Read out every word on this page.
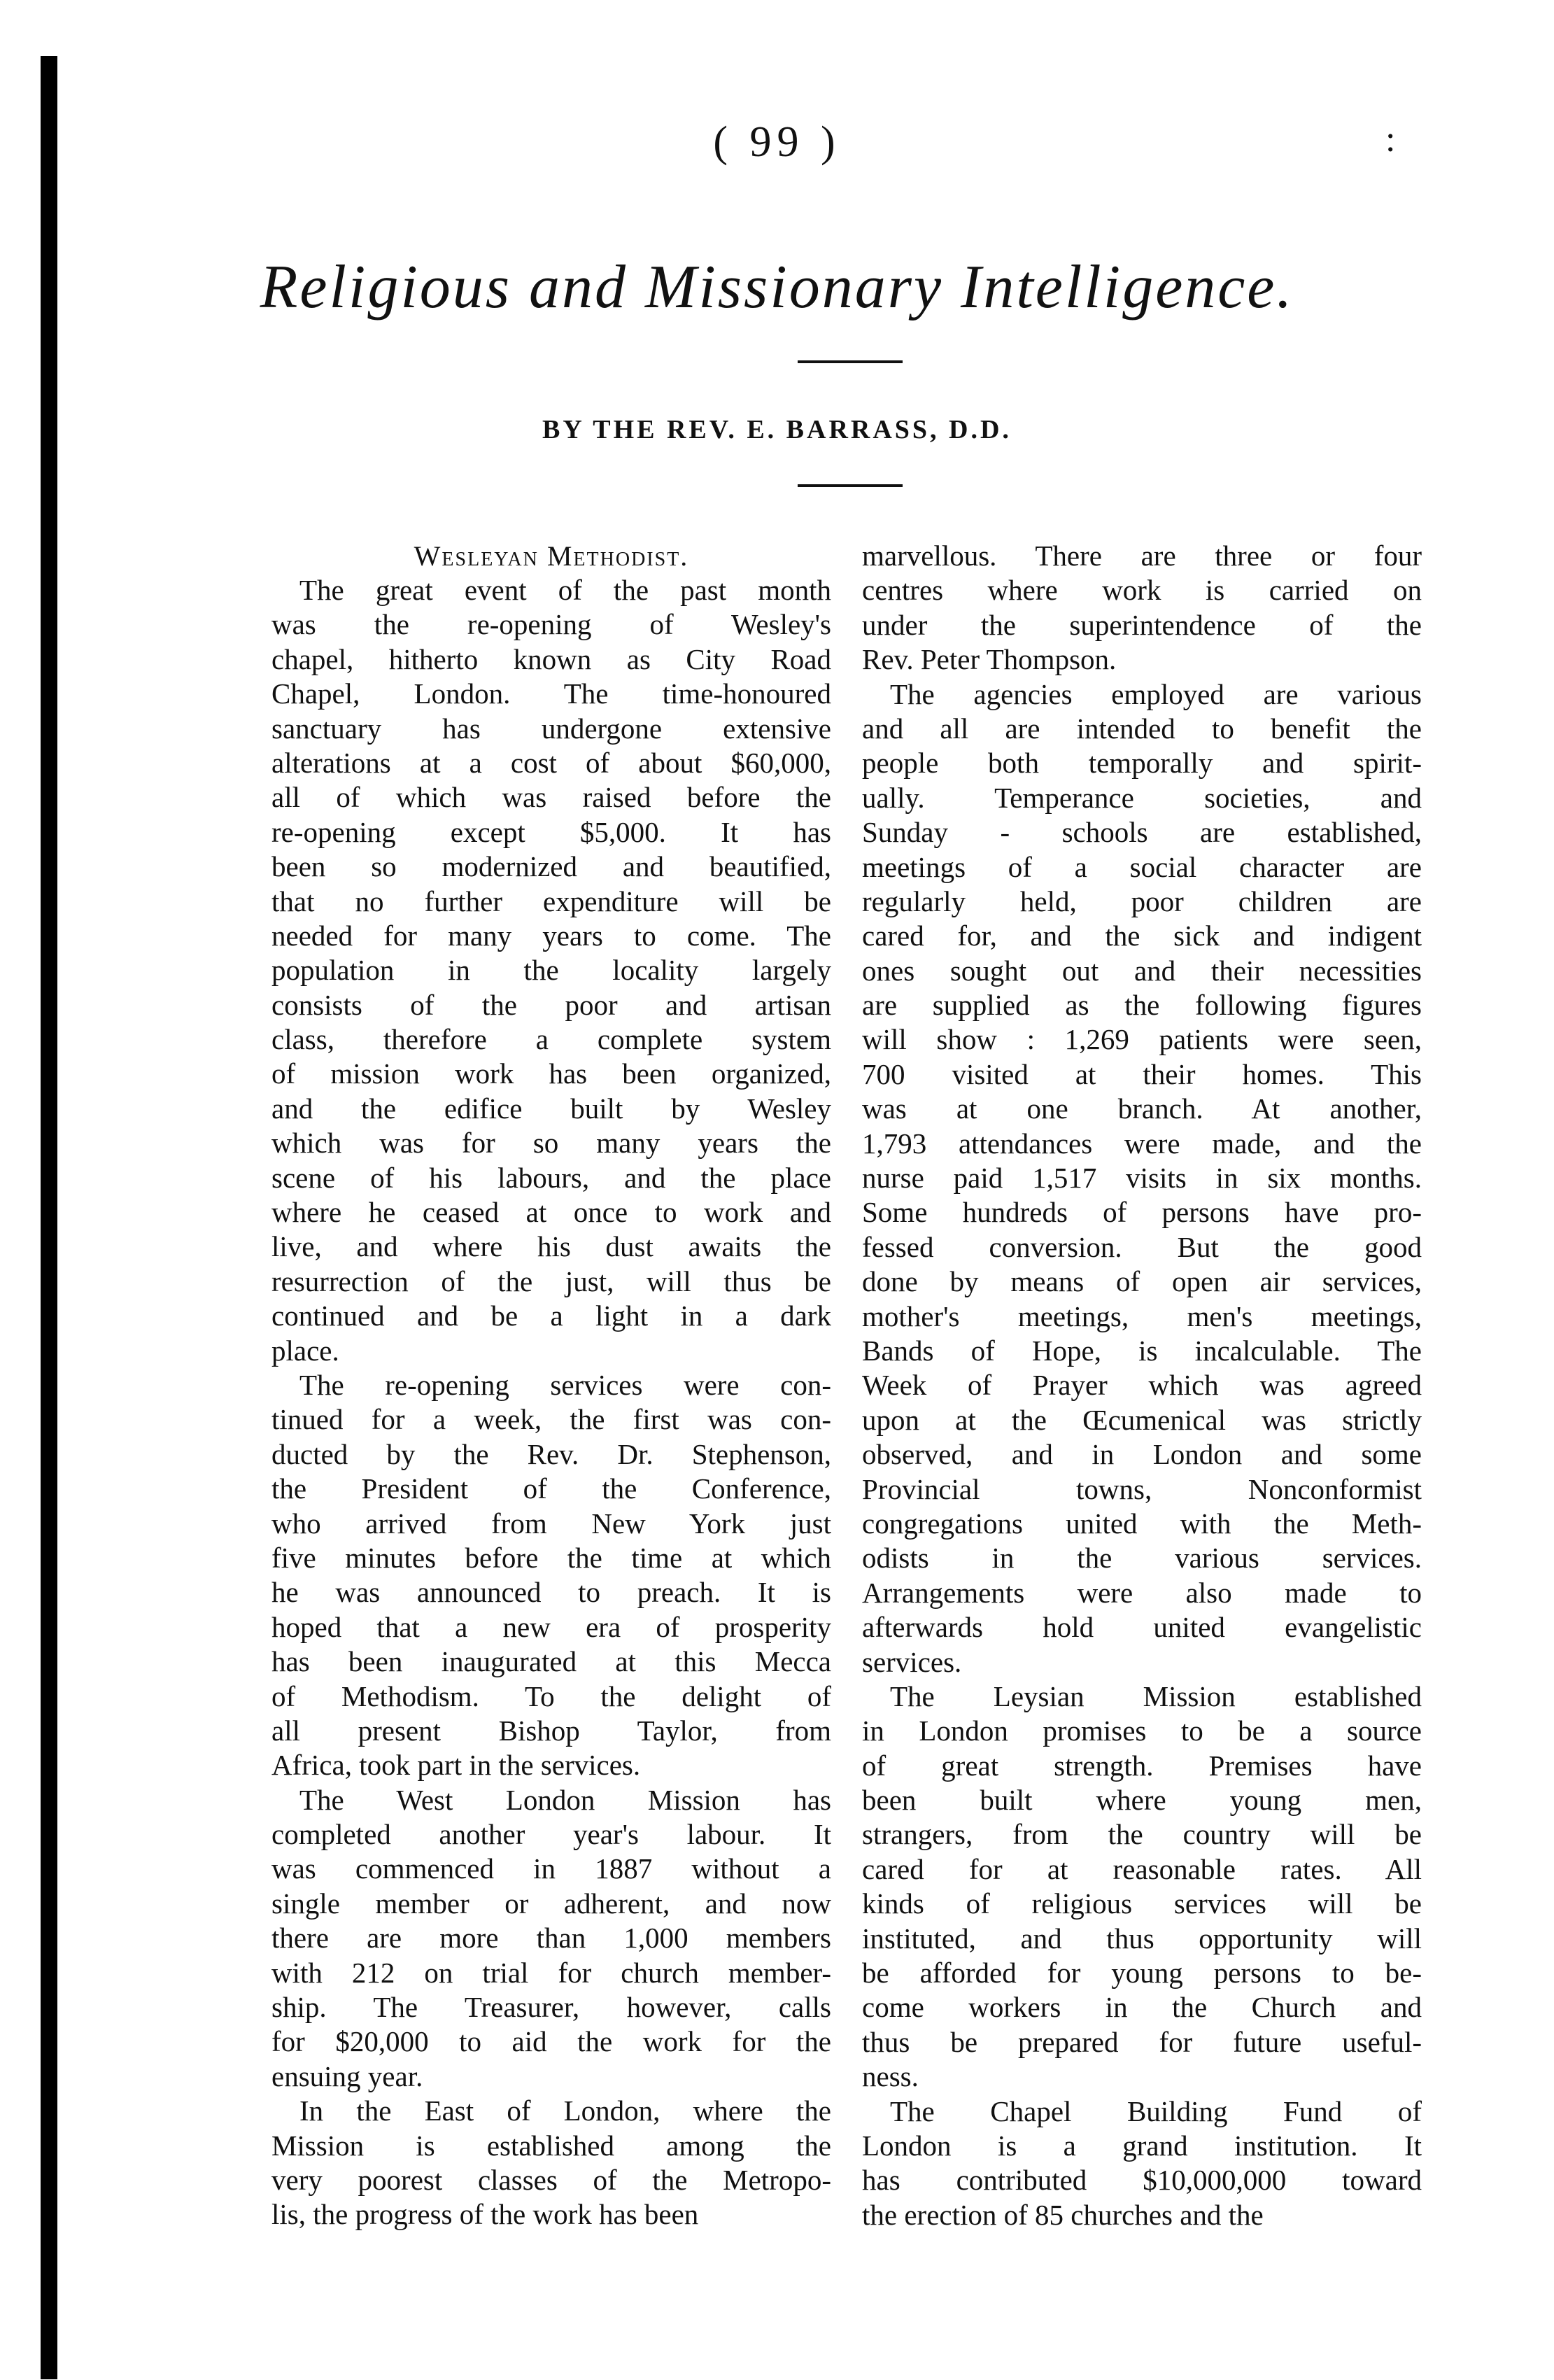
( 99 )	:
Religious and Missionary Intelligence.
BY THE REV. E. BARRASS, D.D.
Wesleyan Methodist.
The great event of the past month
was the re-opening of Wesley's
chapel, hitherto known as City Road
Chapel, London. The time-honoured
sanctuary has undergone extensive
alterations at a cost of about $60,000,
all of which was raised before the
re-opening except $5,000. It has
been so modernized and beautified,
that no further expenditure will be
needed for many years to come. The
population in the locality largely
consists of the poor and artisan
class, therefore a complete system
of mission work has been organized,
and the edifice built by Wesley
which was for so many years the
scene of his labours, and the place
where he ceased at once to work and
live, and where his dust awaits the
resurrection of the just, will thus be
continued and be a light in a dark
place.
The re-opening services were con-
tinued for a week, the first was con-
ducted by the Rev. Dr. Stephenson,
the President of the Conference,
who arrived from New York just
five minutes before the time at which
he was announced to preach. It is
hoped that a new era of prosperity
has been inaugurated at this Mecca
of Methodism. To the delight of
all present Bishop Taylor, from
Africa, took part in the services.
The West London Mission has
completed another year's labour. It
was commenced in 1887 without a
single member or adherent, and now
there are more than 1,000 members
with 212 on trial for church member-
ship. The Treasurer, however, calls
for $20,000 to aid the work for the
ensuing year.
In the East of London, where the
Mission is established among the
very poorest classes of the Metropo-
lis, the progress of the work has been
marvellous. There are three or four
centres where work is carried on
under the superintendence of the
Rev. Peter Thompson.
The agencies employed are various
and all are intended to benefit the
people both temporally and spirit-
ually. Temperance societies, and
Sunday - schools are established,
meetings of a social character are
regularly held, poor children are
cared for, and the sick and indigent
ones sought out and their necessities
are supplied as the following figures
will show : 1,269 patients were seen,
700 visited at their homes. This
was at one branch. At another,
1,793 attendances were made, and the
nurse paid 1,517 visits in six months.
Some hundreds of persons have pro-
fessed conversion. But the good
done by means of open air services,
mother's meetings, men's meetings,
Bands of Hope, is incalculable. The
Week of Prayer which was agreed
upon at the Œcumenical was strictly
observed, and in London and some
Provincial towns, Nonconformist
congregations united with the Meth-
odists in the various services.
Arrangements were also made to
afterwards hold united evangelistic
services.
The Leysian Mission established
in London promises to be a source
of great strength. Premises have
been built where young men,
strangers, from the country will be
cared for at reasonable rates. All
kinds of religious services will be
instituted, and thus opportunity will
be afforded for young persons to be-
come workers in the Church and
thus be prepared for future useful-
ness.
The Chapel Building Fund of
London is a grand institution. It
has contributed $10,000,000 toward
the erection of 85 churches and the
